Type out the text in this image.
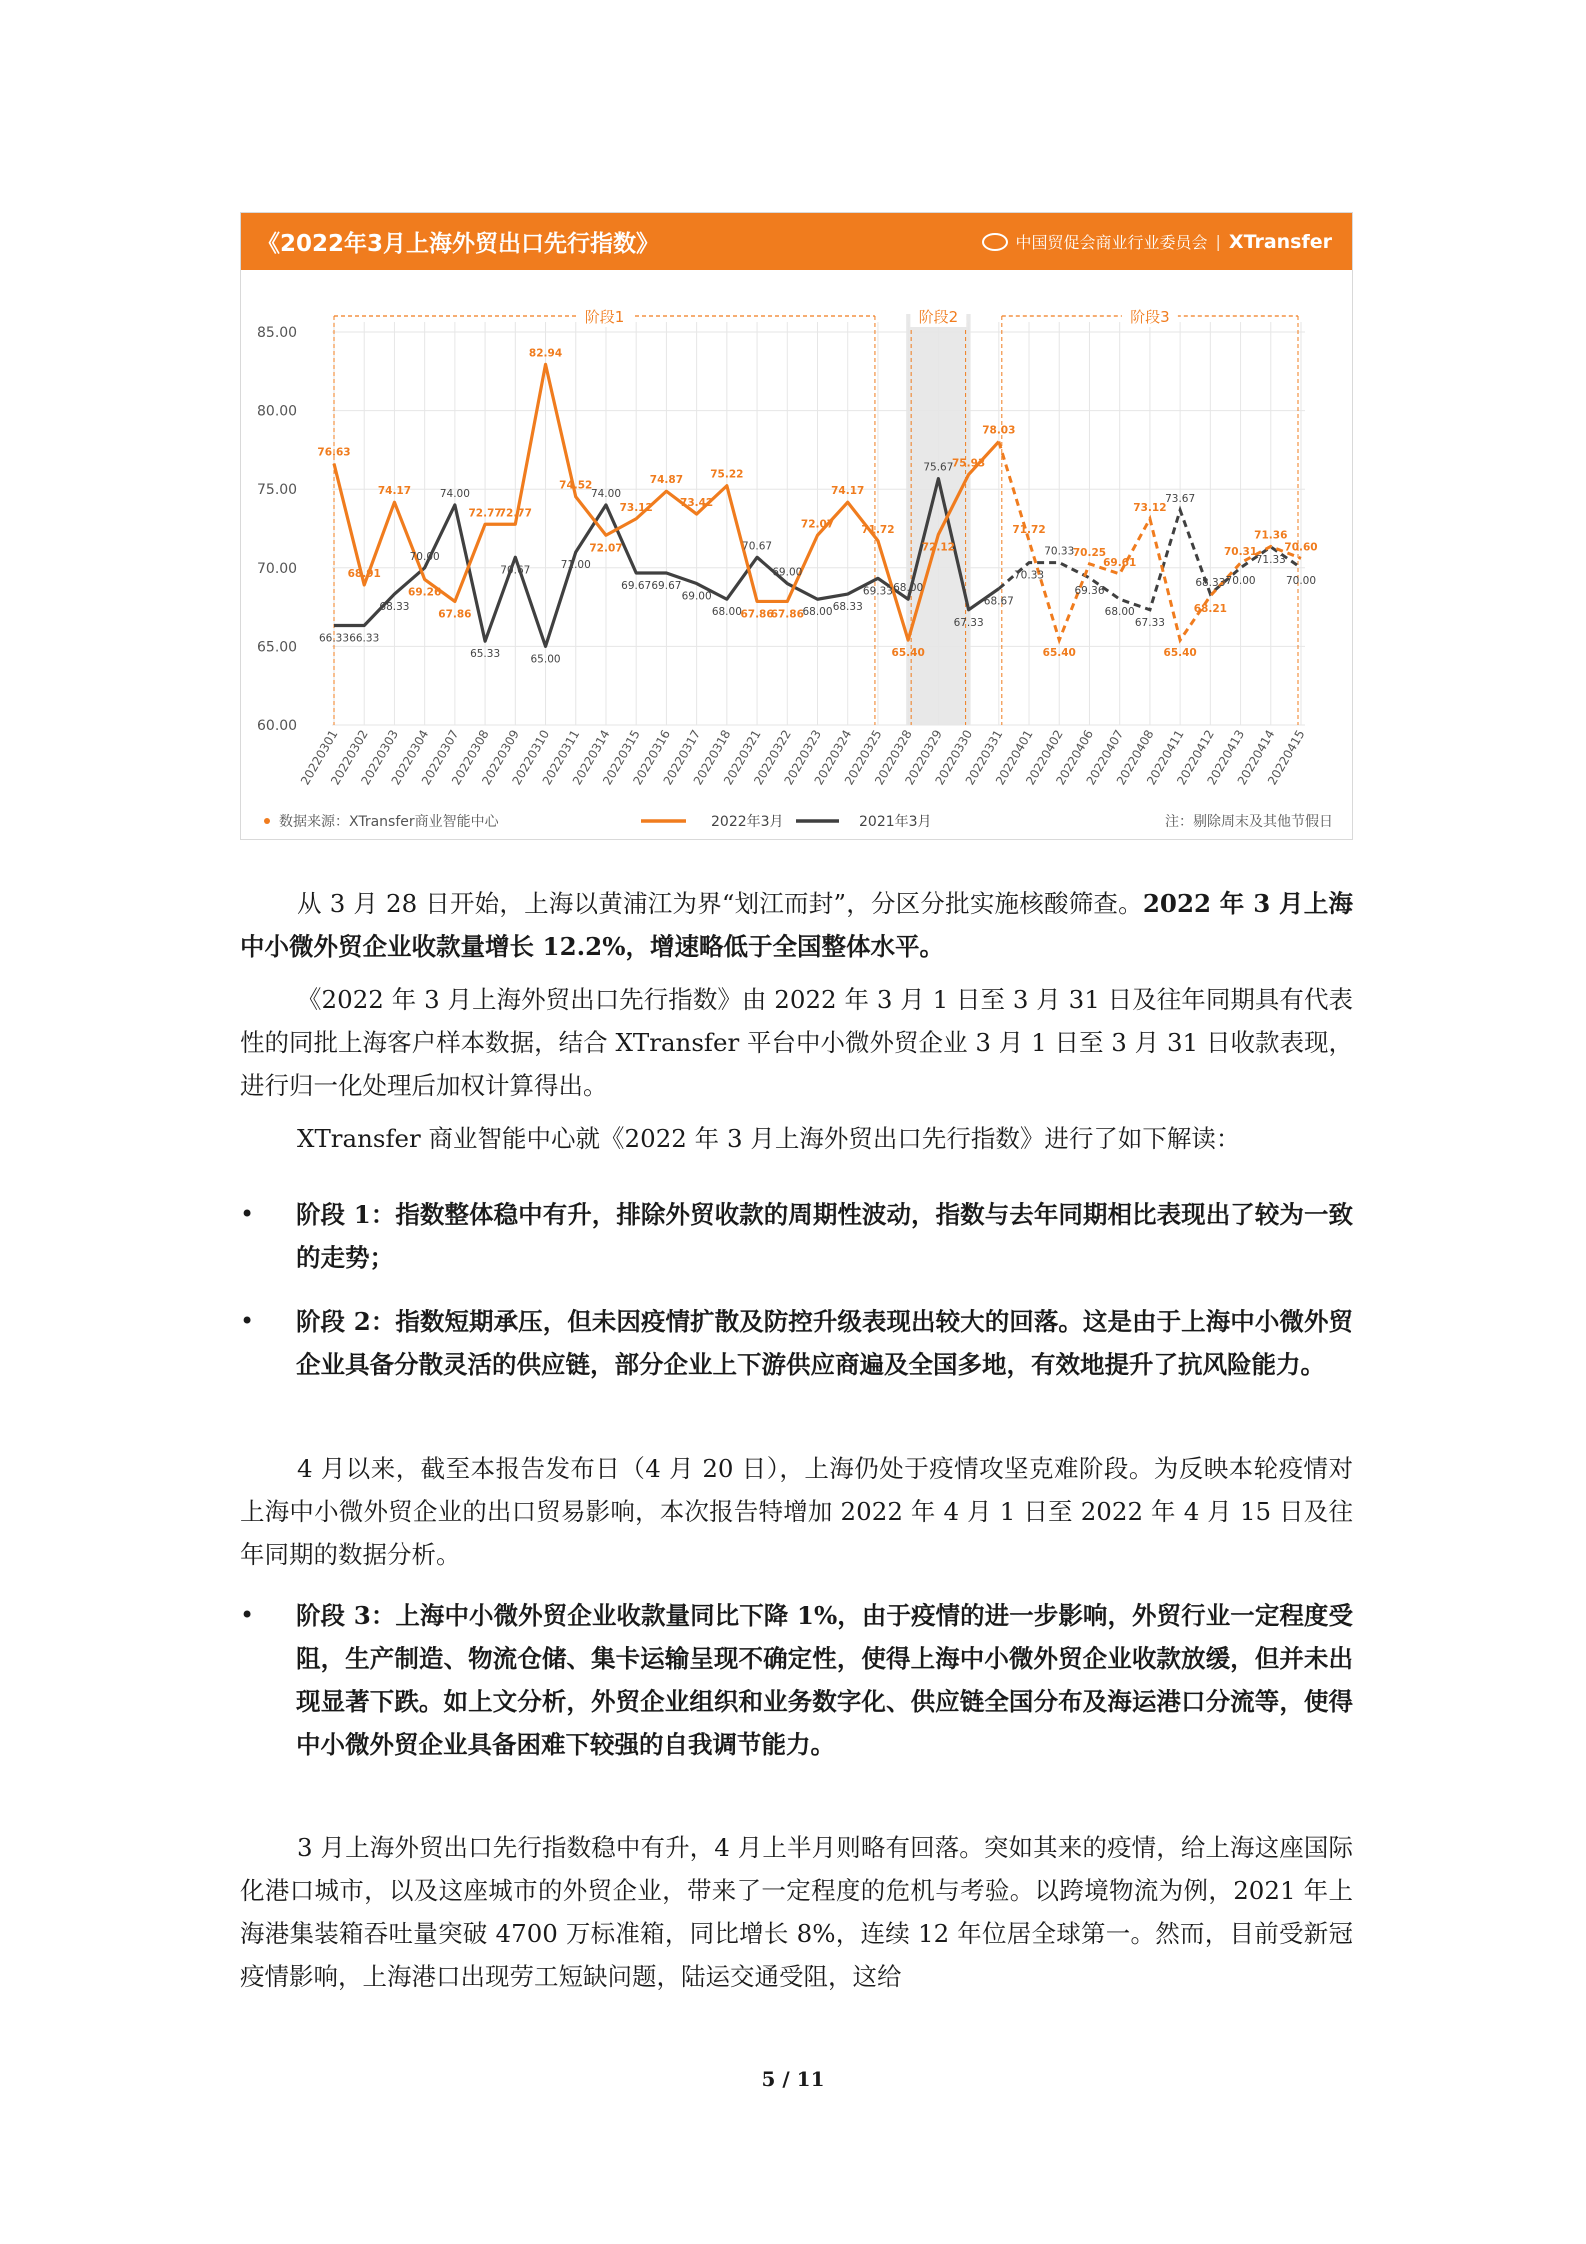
《2022年3月上海外贸出口先行指数》	中国贸促会商业行业委员会 | XTransfer
85.00
80.00
75.00
70.00
65.00
60.00
阶段1	阶段2	阶段3
76.63
66.33
68.91
66.33
74.17
68.33
69.26
70.00
67.86
74.00
72.77
65.33
72.77
70.67
82.94
65.00
74.52
71.00
72.07
74.00
73.12
69.67
74.87
69.67
73.42
69.00
75.22
68.00
67.86
70.67
67.86
69.00
72.07
68.00
74.17
68.33
71.72
69.33
65.40
68.00
72.12
75.67
75.93
67.33
78.03
68.67
71.72
70.33
65.40
70.33
70.25
69.36
69.61
68.00
73.12
67.33
65.40
73.67
68.21
68.33
70.31
70.00
71.36
71.33
70.60
70.00
20220301
20220302
20220303
20220304
20220307
20220308
20220309
20220310
20220311
20220314
20220315
20220316
20220317
20220318
20220321
20220322
20220323
20220324
20220325
20220328
20220329
20220330
20220331
20220401
20220402
20220406
20220407
20220408
20220411
20220412
20220413
20220414
20220415
数据来源：XTransfer商业智能中心	2022年3月	2021年3月	注：剔除周末及其他节假日

从 3 月 28 日开始，上海以黄浦江为界“划江而封”，分区分批实施核酸筛查。2022 年 3 月上海中小微外贸企业收款量增长 12.2%，增速略低于全国整体水平。

《2022 年 3 月上海外贸出口先行指数》由 2022 年 3 月 1 日至 3 月 31 日及往年同期具有代表性的同批上海客户样本数据，结合 XTransfer 平台中小微外贸企业 3 月 1 日至 3 月 31 日收款表现，进行归一化处理后加权计算得出。

XTransfer 商业智能中心就《2022 年 3 月上海外贸出口先行指数》进行了如下解读：

• 阶段 1：指数整体稳中有升，排除外贸收款的周期性波动，指数与去年同期相比表现出了较为一致的走势；
• 阶段 2：指数短期承压，但未因疫情扩散及防控升级表现出较大的回落。这是由于上海中小微外贸企业具备分散灵活的供应链，部分企业上下游供应商遍及全国多地，有效地提升了抗风险能力。

4 月以来，截至本报告发布日（4 月 20 日），上海仍处于疫情攻坚克难阶段。为反映本轮疫情对上海中小微外贸企业的出口贸易影响，本次报告特增加 2022 年 4 月 1 日至 2022 年 4 月 15 日及往年同期的数据分析。

• 阶段 3：上海中小微外贸企业收款量同比下降 1%，由于疫情的进一步影响，外贸行业一定程度受阻，生产制造、物流仓储、集卡运输呈现不确定性，使得上海中小微外贸企业收款放缓，但并未出现显著下跌。如上文分析，外贸企业组织和业务数字化、供应链全国分布及海运港口分流等，使得中小微外贸企业具备困难下较强的自我调节能力。

3 月上海外贸出口先行指数稳中有升，4 月上半月则略有回落。突如其来的疫情，给上海这座国际化港口城市，以及这座城市的外贸企业，带来了一定程度的危机与考验。以跨境物流为例，2021 年上海港集装箱吞吐量突破 4700 万标准箱，同比增长 8%，连续 12 年位居全球第一。然而，目前受新冠疫情影响，上海港口出现劳工短缺问题，陆运交通受阻，这给

5 / 11
